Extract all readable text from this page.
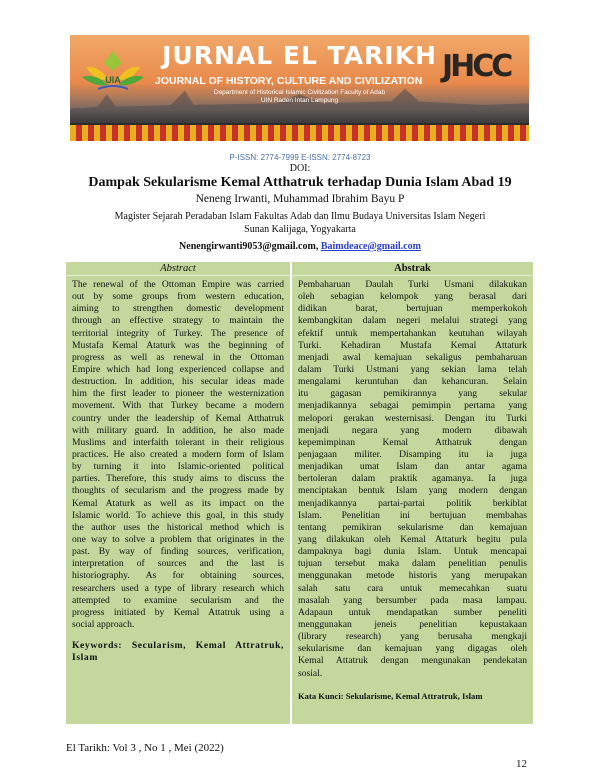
UIA
JURNAL EL TARIKH
JOURNAL OF HISTORY, CULTURE AND CIVILIZATION
Department of Historical Islamic Civilization Faculty of Adab
UIN Raden Intan Lampung
JHCC
P-ISSN: 2774-7999 E-ISSN: 2774-8723
DOI:
Dampak Sekularisme Kemal Atthatruk terhadap Dunia Islam Abad 19
Neneng Irwanti, Muhammad Ibrahim Bayu P
Magister Sejarah Peradaban Islam Fakultas Adab dan Ilmu Budaya Universitas Islam Negeri
Sunan Kalijaga, Yogyakarta
Nenengirwanti9053@gmail.com, Baimdeace@gmail.com
Abstract
The renewal of the Ottoman Empire was carried
out by some groups from western education,
aiming to strengthen domestic development
through an effective strategy to maintain the
territorial integrity of Turkey. The presence of
Mustafa Kemal Ataturk was the beginning of
progress as well as renewal in the Ottoman
Empire which had long experienced collapse and
destruction. In addition, his secular ideas made
him the first leader to pioneer the westernization
movement. With that Turkey became a modern
country under the leadership of Kemal Atthatruk
with military guard. In addition, he also made
Muslims and interfaith tolerant in their religious
practices. He also created a modern form of Islam
by turning it into Islamic-oriented political
parties. Therefore, this study aims to discuss the
thoughts of secularism and the progress made by
Kemal Ataturk as well as its impact on the
Islamic world. To achieve this goal, in this study
the author uses the historical method which is
one way to solve a problem that originates in the
past. By way of finding sources, verification,
interpretation of sources and the last is
historiography. As for obtaining sources,
researchers used a type of library research which
attempted to examine secularism and the
progress initiated by Kemal Attatruk using a
social approach.
Keywords: Secularism, Kemal Attratruk, Islam
Abstrak
Pembaharuan Daulah Turki Usmani dilakukan
oleh sebagian kelompok yang berasal dari
didikan barat, bertujuan memperkokoh
kembangkitan dalam negeri melalui strategi yang
efektif untuk mempertahankan keutuhan wilayah
Turki. Kehadiran Mustafa Kemal Attaturk
menjadi awal kemajuan sekaligus pembaharuan
dalam Turki Ustmani yang sekian lama telah
mengalami keruntuhan dan kehancuran. Selain
itu gagasan pemikirannya yang sekular
menjadikannya sebagai pemimpin pertama yang
melopori gerakan westernisasi. Dengan itu Turki
menjadi negara yang modern dibawah
kepemimpinan Kemal Atthatruk dengan
penjagaan militer. Disamping itu ia juga
menjadikan umat Islam dan antar agama
bertoleran dalam praktik agamanya. Ia juga
menciptakan bentuk Islam yang modern dengan
menjadikannya partai-partai politik berkiblat
Islam. Penelitian ini bertujuan membahas
tentang pemikiran sekularisme dan kemajuan
yang dilakukan oleh Kemal Attaturk begitu pula
dampaknya bagi dunia Islam. Untuk mencapai
tujuan tersebut maka dalam penelitian penulis
menggunakan metode historis yang merupakan
salah satu cara untuk memecahkan suatu
masalah yang bersumber pada masa lampau.
Adapaun untuk mendapatkan sumber peneliti
menggunakan jeneis penelitian kepustakaan
(library research) yang berusaha mengkaji
sekularisme dan kemajuan yang digagas oleh
Kemal Attatruk dengan mengunakan pendekatan
sosial.
Kata Kunci: Sekularisme, Kemal Attratruk, Islam
El Tarikh: Vol 3 , No 1 , Mei (2022)
12
